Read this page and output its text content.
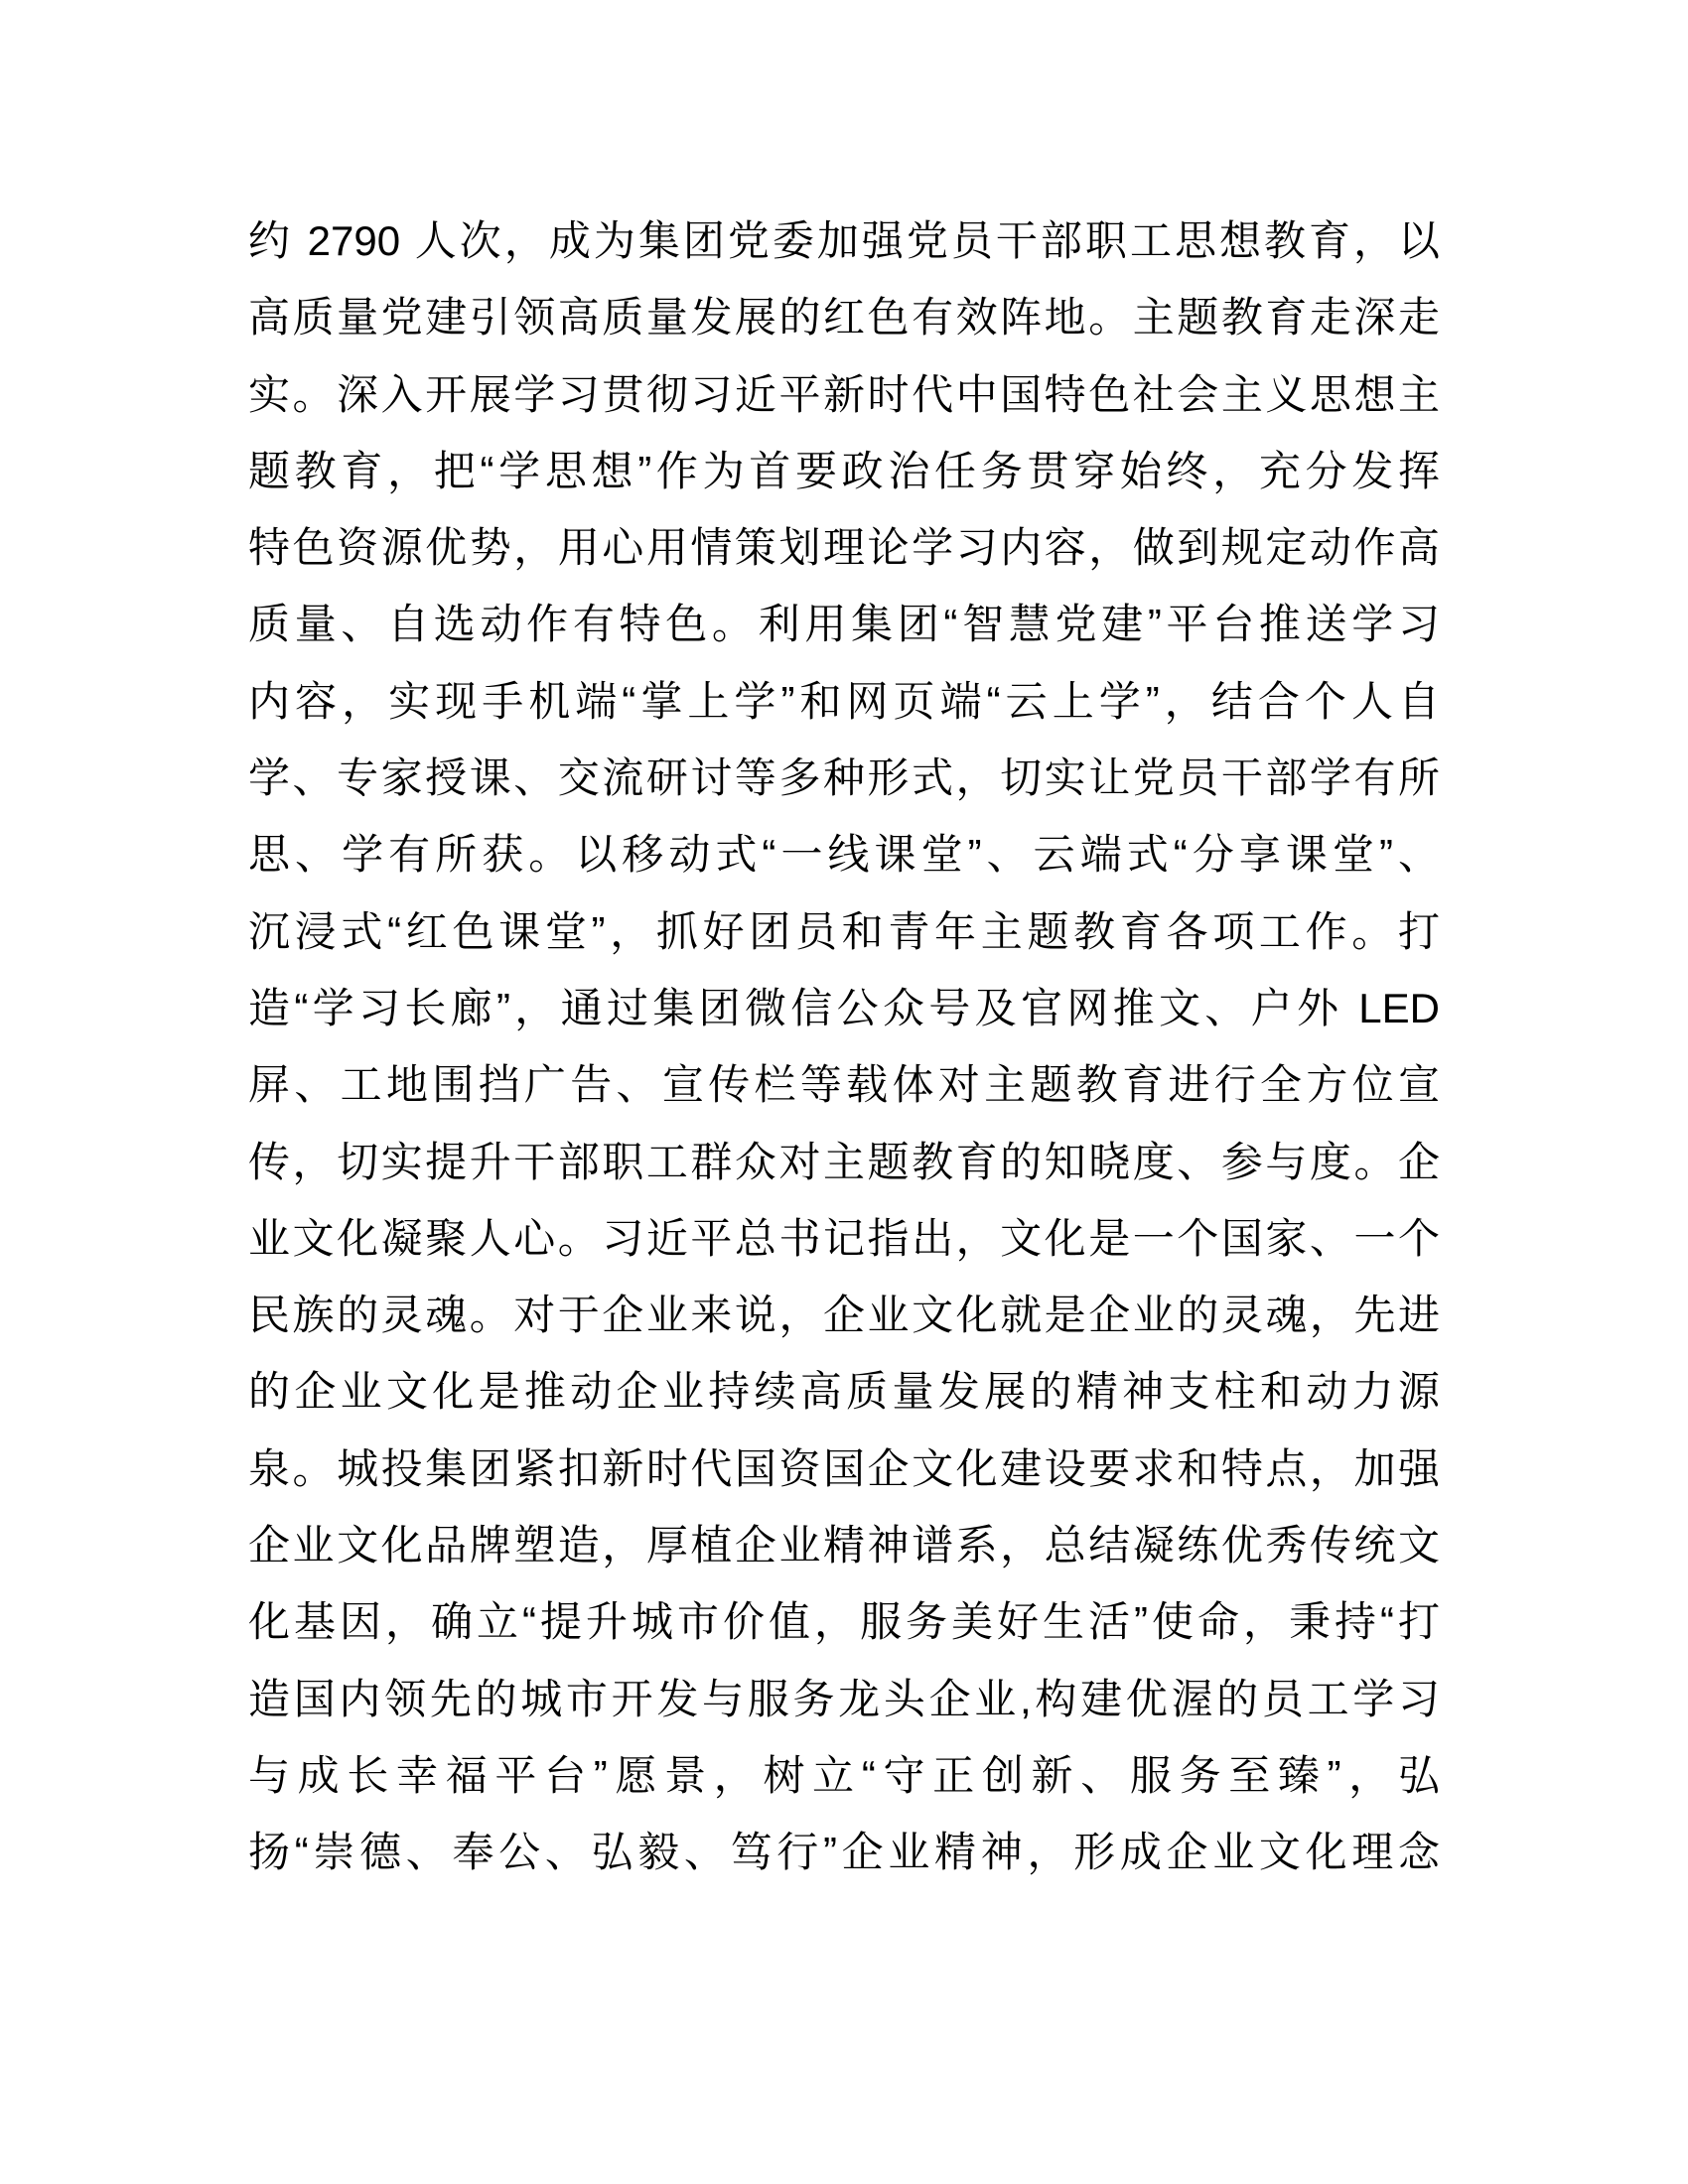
约 2790 人次，成为集团党委加强党员干部职工思想教育，以
高质量党建引领高质量发展的红色有效阵地。主题教育走深走
实。深入开展学习贯彻习近平新时代中国特色社会主义思想主
题教育，把“学思想”作为首要政治任务贯穿始终，充分发挥
特色资源优势，用心用情策划理论学习内容，做到规定动作高
质量、自选动作有特色。利用集团“智慧党建”平台推送学习
内容，实现手机端“掌上学”和网页端“云上学”，结合个人自
学、专家授课、交流研讨等多种形式，切实让党员干部学有所
思、学有所获。以移动式“一线课堂”、云端式“分享课堂”、
沉浸式“红色课堂”，抓好团员和青年主题教育各项工作。打
造“学习长廊”，通过集团微信公众号及官网推文、户外 LED
屏、工地围挡广告、宣传栏等载体对主题教育进行全方位宣
传，切实提升干部职工群众对主题教育的知晓度、参与度。企
业文化凝聚人心。习近平总书记指出，文化是一个国家、一个
民族的灵魂。对于企业来说，企业文化就是企业的灵魂，先进
的企业文化是推动企业持续高质量发展的精神支柱和动力源
泉。城投集团紧扣新时代国资国企文化建设要求和特点，加强
企业文化品牌塑造，厚植企业精神谱系，总结凝练优秀传统文
化基因，确立“提升城市价值，服务美好生活”使命，秉持“打
造国内领先的城市开发与服务龙头企业,构建优渥的员工学习
与成长幸福平台”愿景，树立“守正创新、服务至臻”，弘
扬“崇德、奉公、弘毅、笃行”企业精神，形成企业文化理念
